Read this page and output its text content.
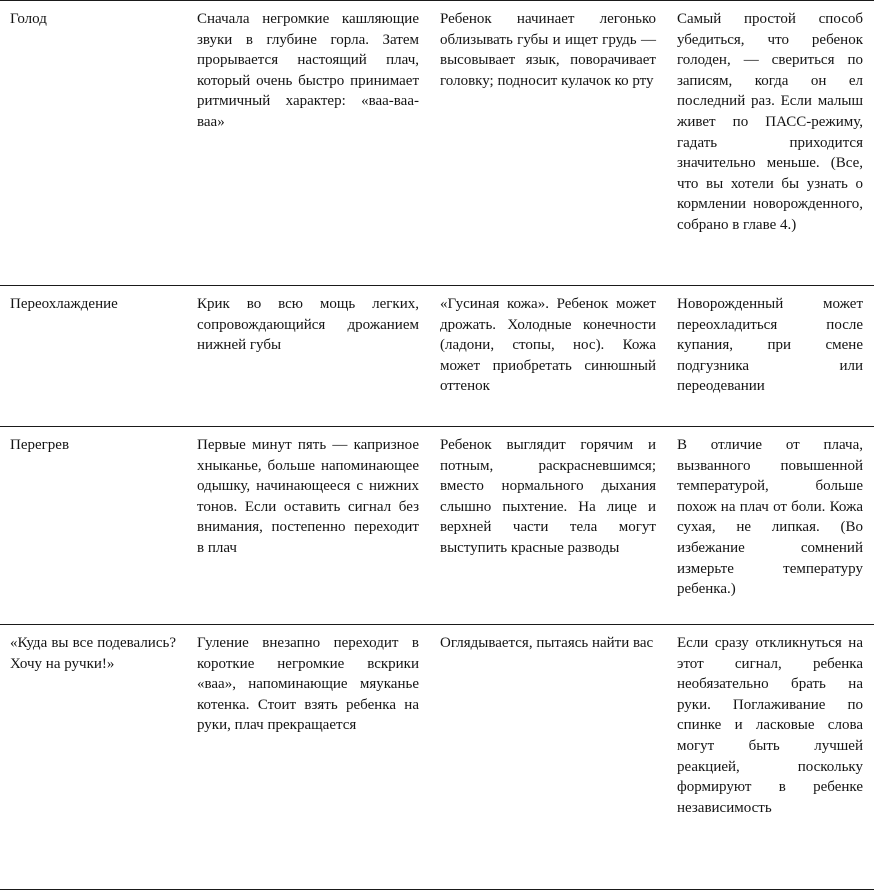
Голод	Сначала негромкие кашляющие звуки в глубине горла. Затем прорывается настоящий плач, который очень быстро принимает ритмичный характер: «ваа-ваа-ваа»	Ребенок начинает легонько облизывать губы и ищет грудь — высовывает язык, поворачивает головку; подносит кулачок ко рту	Самый простой способ убедиться, что ребенок голоден, — свериться по записям, когда он ел последний раз. Если малыш живет по ПАСС-режиму, гадать приходится значительно меньше. (Все, что вы хотели бы узнать о кормлении новорожденного, собрано в главе 4.)

Переохлаждение	Крик во всю мощь легких, сопровождающийся дрожанием нижней губы	«Гусиная кожа». Ребенок может дрожать. Холодные конечности (ладони, стопы, нос). Кожа может приобретать синюшный оттенок	Новорожденный может переохладиться после купания, при смене подгузника или переодевании

Перегрев	Первые минут пять — капризное хныканье, больше напоминающее одышку, начинающееся с нижних тонов. Если оставить сигнал без внимания, постепенно переходит в плач	Ребенок выглядит горячим и потным, раскрасневшимся; вместо нормального дыхания слышно пыхтение. На лице и верхней части тела могут выступить красные разводы	В отличие от плача, вызванного повышенной температурой, больше похож на плач от боли. Кожа сухая, не липкая. (Во избежание сомнений измерьте температуру ребенка.)

«Куда вы все подевались? Хочу на ручки!»	Гуление внезапно переходит в короткие негромкие вскрики «ваа», напоминающие мяуканье котенка. Стоит взять ребенка на руки, плач прекращается	Оглядывается, пытаясь найти вас	Если сразу откликнуться на этот сигнал, ребенка необязательно брать на руки. Поглаживание по спинке и ласковые слова могут быть лучшей реакцией, поскольку формируют в ребенке независимость
